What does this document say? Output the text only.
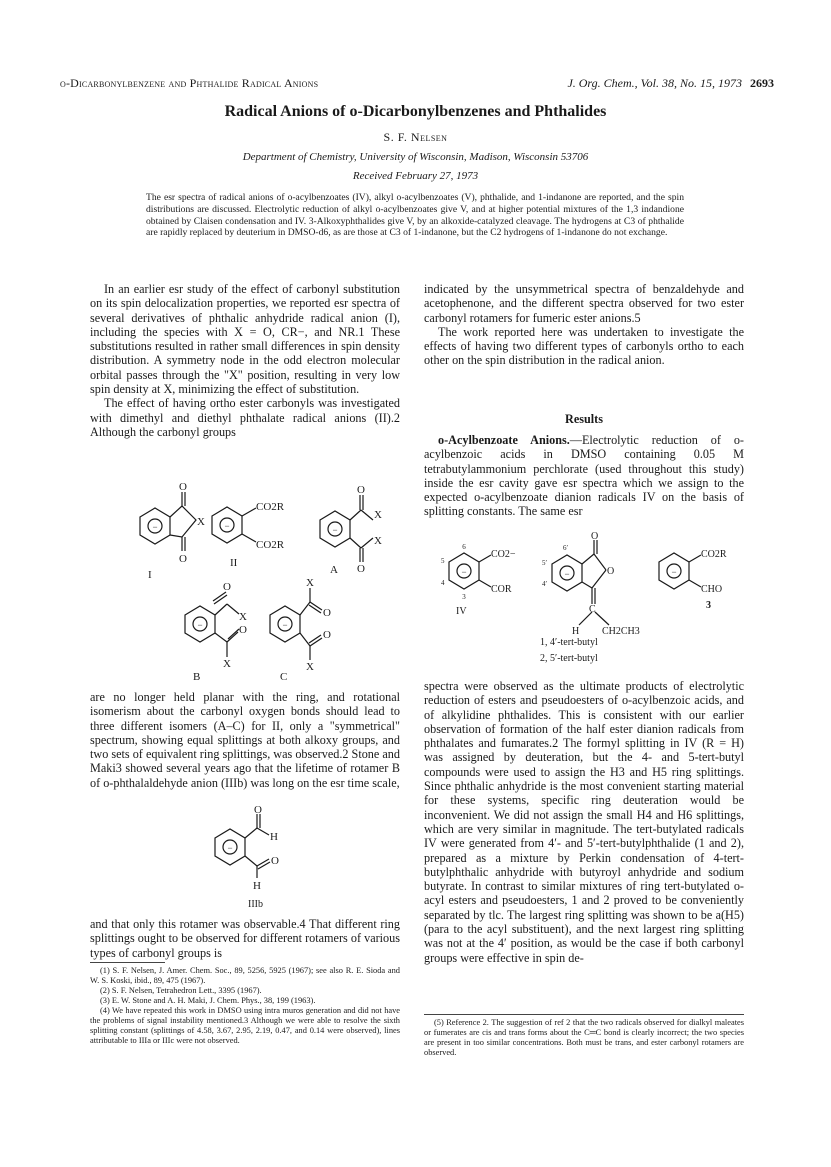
o-Dicarbonylbenzene and Phthalide Radical Anions	J. Org. Chem., Vol. 38, No. 15, 1973 2693
Radical Anions of o-Dicarbonylbenzenes and Phthalides
S. F. Nelsen
Department of Chemistry, University of Wisconsin, Madison, Wisconsin 53706
Received February 27, 1973
The esr spectra of radical anions of o-acylbenzoates (IV), alkyl o-acylbenzoates (V), phthalide, and 1-indanone are reported, and the spin distributions are discussed. Electrolytic reduction of alkyl o-acylbenzoates give V, and at higher potential mixtures of the 1,3 indandione obtained by Claisen condensation and IV. 3-Alkoxyphthalides give V, by an alkoxide-catalyzed cleavage. The hydrogens at C3 of phthalide are rapidly replaced by deuterium in DMSO-d6, as are those at C3 of 1-indanone, but the C2 hydrogens of 1-indanone do not exchange.

In an earlier esr study of the effect of carbonyl substitution on its spin delocalization properties, we reported esr spectra of several derivatives of phthalic anhydride radical anion (I), including the species with X = O, CR−, and NR.1 These substitutions resulted in rather small differences in spin density distribution. A symmetry node in the odd electron molecular orbital passes through the "X" position, resulting in very low spin density at X, minimizing the effect of substitution.

The effect of having ortho ester carbonyls was investigated with dimethyl and diethyl phthalate radical anions (II).2 Although the carbonyl groups

−	−	−
−	−
O
X
O
CO2R
CO2R
O
X
X
O
O
X
O
X
X
O
O
X
I
II
A
B	C

are no longer held planar with the ring, and rotational isomerism about the carbonyl oxygen bonds should lead to three different isomers (A–C) for II, only a "symmetrical" spectrum, showing equal splittings at both alkoxy groups, and two sets of equivalent ring splittings, was observed.2 Stone and Maki3 showed several years ago that the lifetime of rotamer B of o-phthalaldehyde anion (IIIb) was long on the esr time scale,

−
O
H
O
H
IIIb

and that only this rotamer was observable.4 That different ring splittings ought to be observed for different rotamers of various types of carbonyl groups is

(1) S. F. Nelsen, J. Amer. Chem. Soc., 89, 5256, 5925 (1967); see also R. E. Sioda and W. S. Koski, ibid., 89, 475 (1967).

(2) S. F. Nelsen, Tetrahedron Lett., 3395 (1967).

(3) E. W. Stone and A. H. Maki, J. Chem. Phys., 38, 199 (1963).

(4) We have repeated this work in DMSO using intra muros generation and did not have the problems of signal instability mentioned.3 Although we were able to resolve the sixth splitting constant (splittings of 4.58, 3.67, 2.95, 2.19, 0.47, and 0.14 were observed), lines attributable to IIIa or IIIc were not observed.

indicated by the unsymmetrical spectra of benzaldehyde and acetophenone, and the different spectra observed for two ester carbonyl rotamers for fumeric ester anions.5

The work reported here was undertaken to investigate the effects of having two different types of carbonyls ortho to each other on the spin distribution in the radical anion.

Results

o-Acylbenzoate Anions.—Electrolytic reduction of o-acylbenzoic acids in DMSO containing 0.05 M tetrabutylammonium perchlorate (used throughout this study) inside the esr cavity gave esr spectra which we assign to the expected o-acylbenzoate dianion radicals IV on the basis of splitting constants. The same esr

−	−	−
CO2−
COR
6
5
4
3
IV
O
O
C
H CH2CH3
6′
5′
4′
1, 4′-tert-butyl
2, 5′-tert-butyl
CO2R
CHO
3

spectra were observed as the ultimate products of electrolytic reduction of esters and pseudoesters of o-acylbenzoic acids, and of alkylidine phthalides. This is consistent with our earlier observation of formation of the half ester dianion radicals from phthalates and fumarates.2 The formyl splitting in IV (R = H) was assigned by deuteration, but the 4- and 5-tert-butyl compounds were used to assign the H3 and H5 ring splittings. Since phthalic anhydride is the most convenient starting material for these systems, specific ring deuteration would be inconvenient. We did not assign the small H4 and H6 splittings, which are very similar in magnitude. The tert-butylated radicals IV were generated from 4′- and 5′-tert-butylphthalide (1 and 2), prepared as a mixture by Perkin condensation of 4-tert-butylphthalic anhydride with butyroyl anhydride and sodium butyrate. In contrast to similar mixtures of ring tert-butylated o-acyl esters and pseudoesters, 1 and 2 proved to be conveniently separated by tlc. The largest ring splitting was shown to be a(H5) (para to the acyl substituent), and the next largest ring splitting was not at the 4′ position, as would be the case if both carbonyl groups were effective in spin de-

(5) Reference 2. The suggestion of ref 2 that the two radicals observed for dialkyl maleates or fumerates are cis and trans forms about the C═C bond is clearly incorrect; the two species are present in too similar concentrations. Both must be trans, and ester carbonyl rotamers are observed.
